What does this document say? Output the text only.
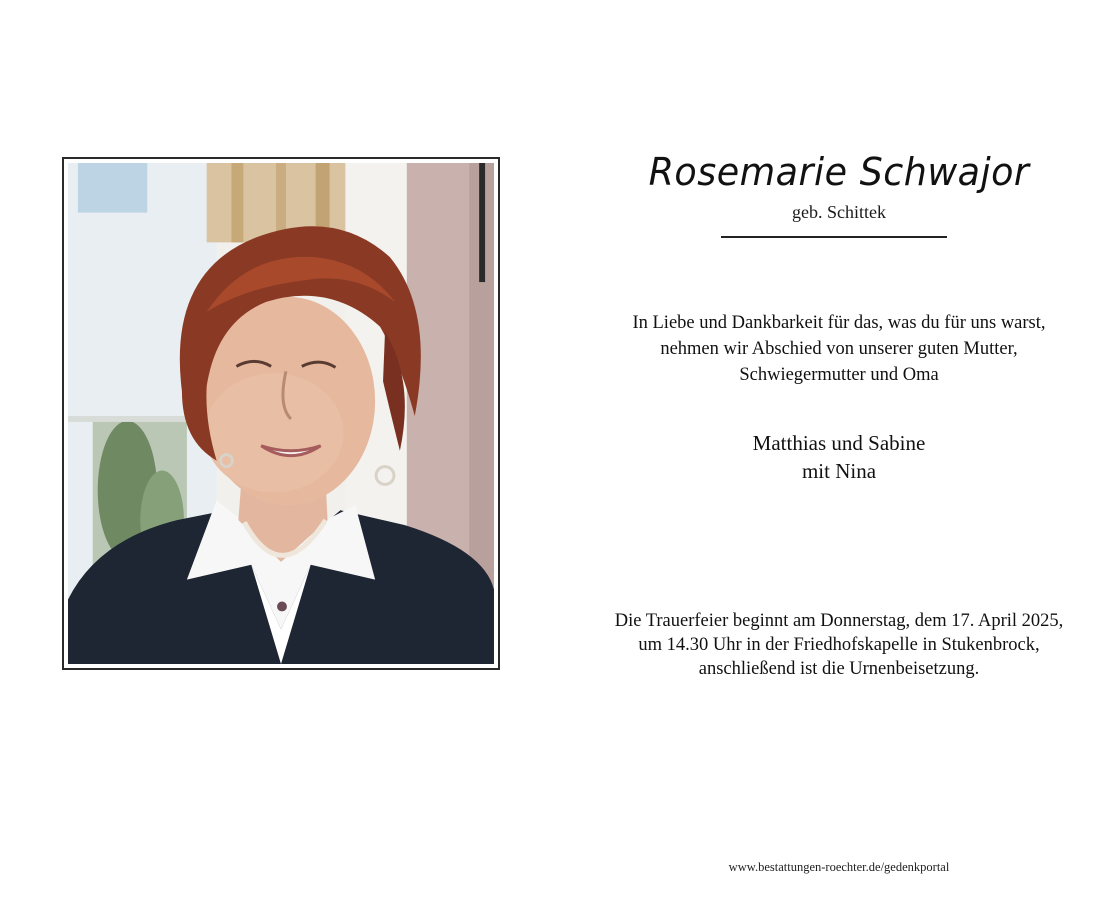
Rosemarie Schwajor
geb. Schittek
In Liebe und Dankbarkeit für das, was du für uns warst,
nehmen wir Abschied von unserer guten Mutter,
Schwiegermutter und Oma
Matthias und Sabine
mit Nina
Die Trauerfeier beginnt am Donnerstag, dem 17. April 2025,
um 14.30 Uhr in der Friedhofskapelle in Stukenbrock,
anschließend ist die Urnenbeisetzung.
www.bestattungen-roechter.de/gedenkportal
